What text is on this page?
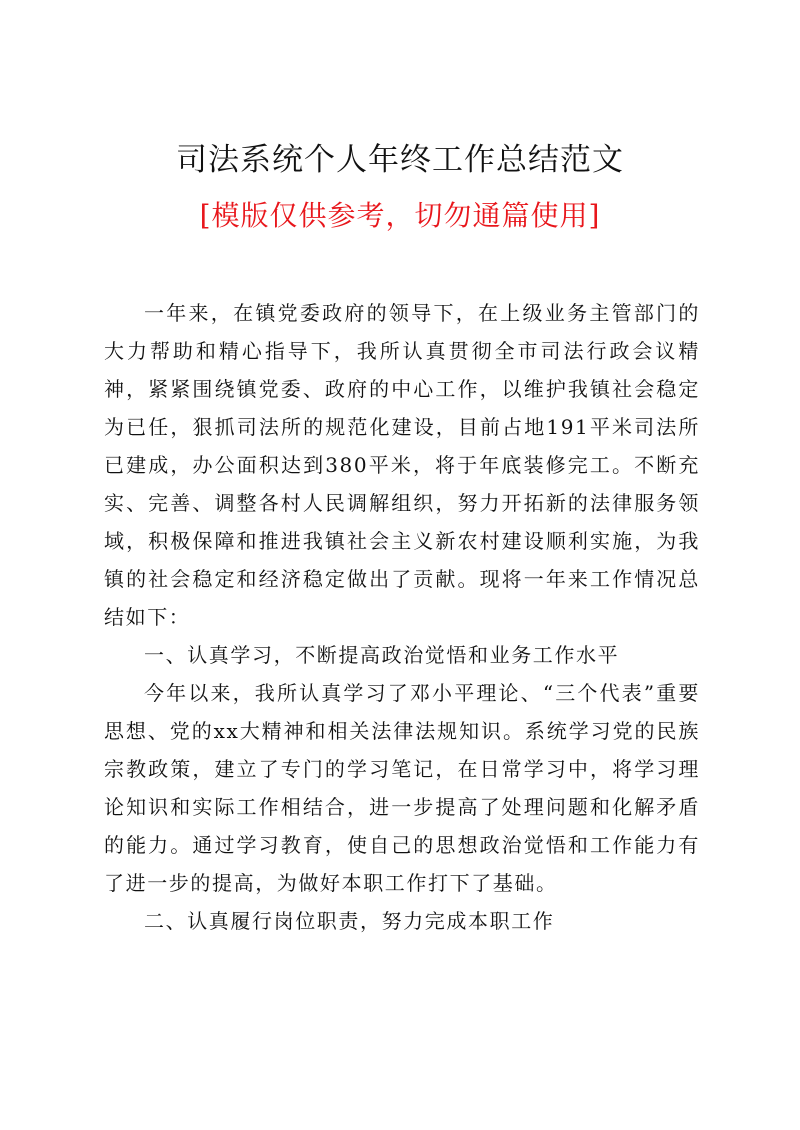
司法系统个人年终工作总结范文
[模版仅供参考，切勿通篇使用]

一年来，在镇党委政府的领导下，在上级业务主管部门的大力帮助和精心指导下，我所认真贯彻全市司法行政会议精神，紧紧围绕镇党委、政府的中心工作，以维护我镇社会稳定为已任，狠抓司法所的规范化建设，目前占地191平米司法所已建成，办公面积达到380平米，将于年底装修完工。不断充实、完善、调整各村人民调解组织，努力开拓新的法律服务领域，积极保障和推进我镇社会主义新农村建设顺利实施，为我镇的社会稳定和经济稳定做出了贡献。现将一年来工作情况总结如下：

一、认真学习，不断提高政治觉悟和业务工作水平

今年以来，我所认真学习了邓小平理论、“三个代表”重要思想、党的xx大精神和相关法律法规知识。系统学习党的民族宗教政策，建立了专门的学习笔记，在日常学习中，将学习理论知识和实际工作相结合，进一步提高了处理问题和化解矛盾的能力。通过学习教育，使自己的思想政治觉悟和工作能力有了进一步的提高，为做好本职工作打下了基础。

二、认真履行岗位职责，努力完成本职工作
